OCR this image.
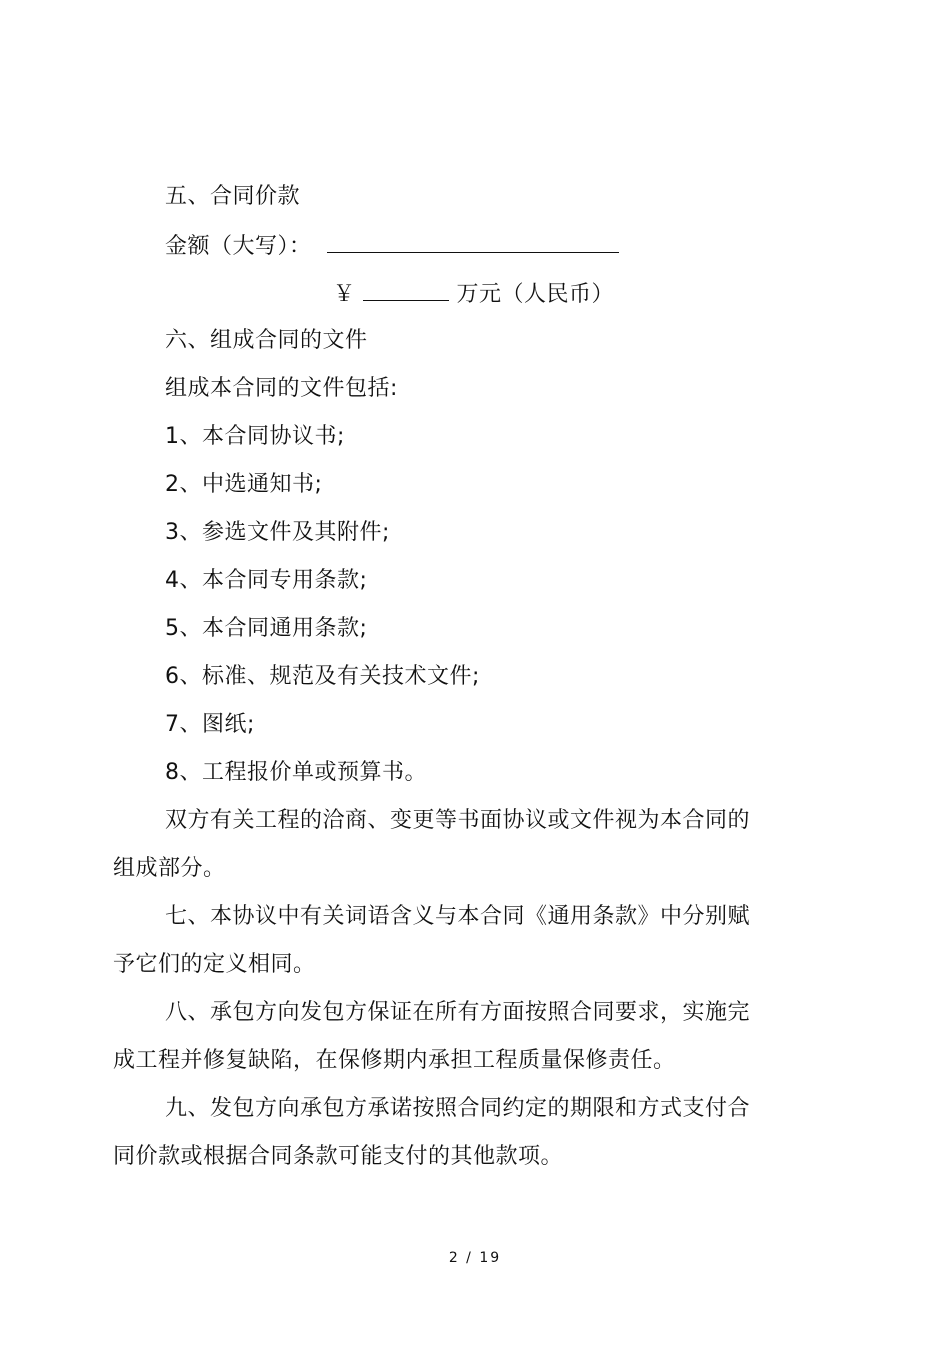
五、合同价款
金额（大写）：
￥	万元（人民币）
六、组成合同的文件
组成本合同的文件包括:
1、本合同协议书;
2、中选通知书;
3、参选文件及其附件;
4、本合同专用条款;
5、本合同通用条款;
6、标准、规范及有关技术文件;
7、图纸;
8、工程报价单或预算书。
双方有关工程的洽商、变更等书面协议或文件视为本合同的
组成部分。
七、本协议中有关词语含义与本合同《通用条款》中分别赋
予它们的定义相同。
八、承包方向发包方保证在所有方面按照合同要求，实施完
成工程并修复缺陷，在保修期内承担工程质量保修责任。
九、发包方向承包方承诺按照合同约定的期限和方式支付合
同价款或根据合同条款可能支付的其他款项。
2 / 19
